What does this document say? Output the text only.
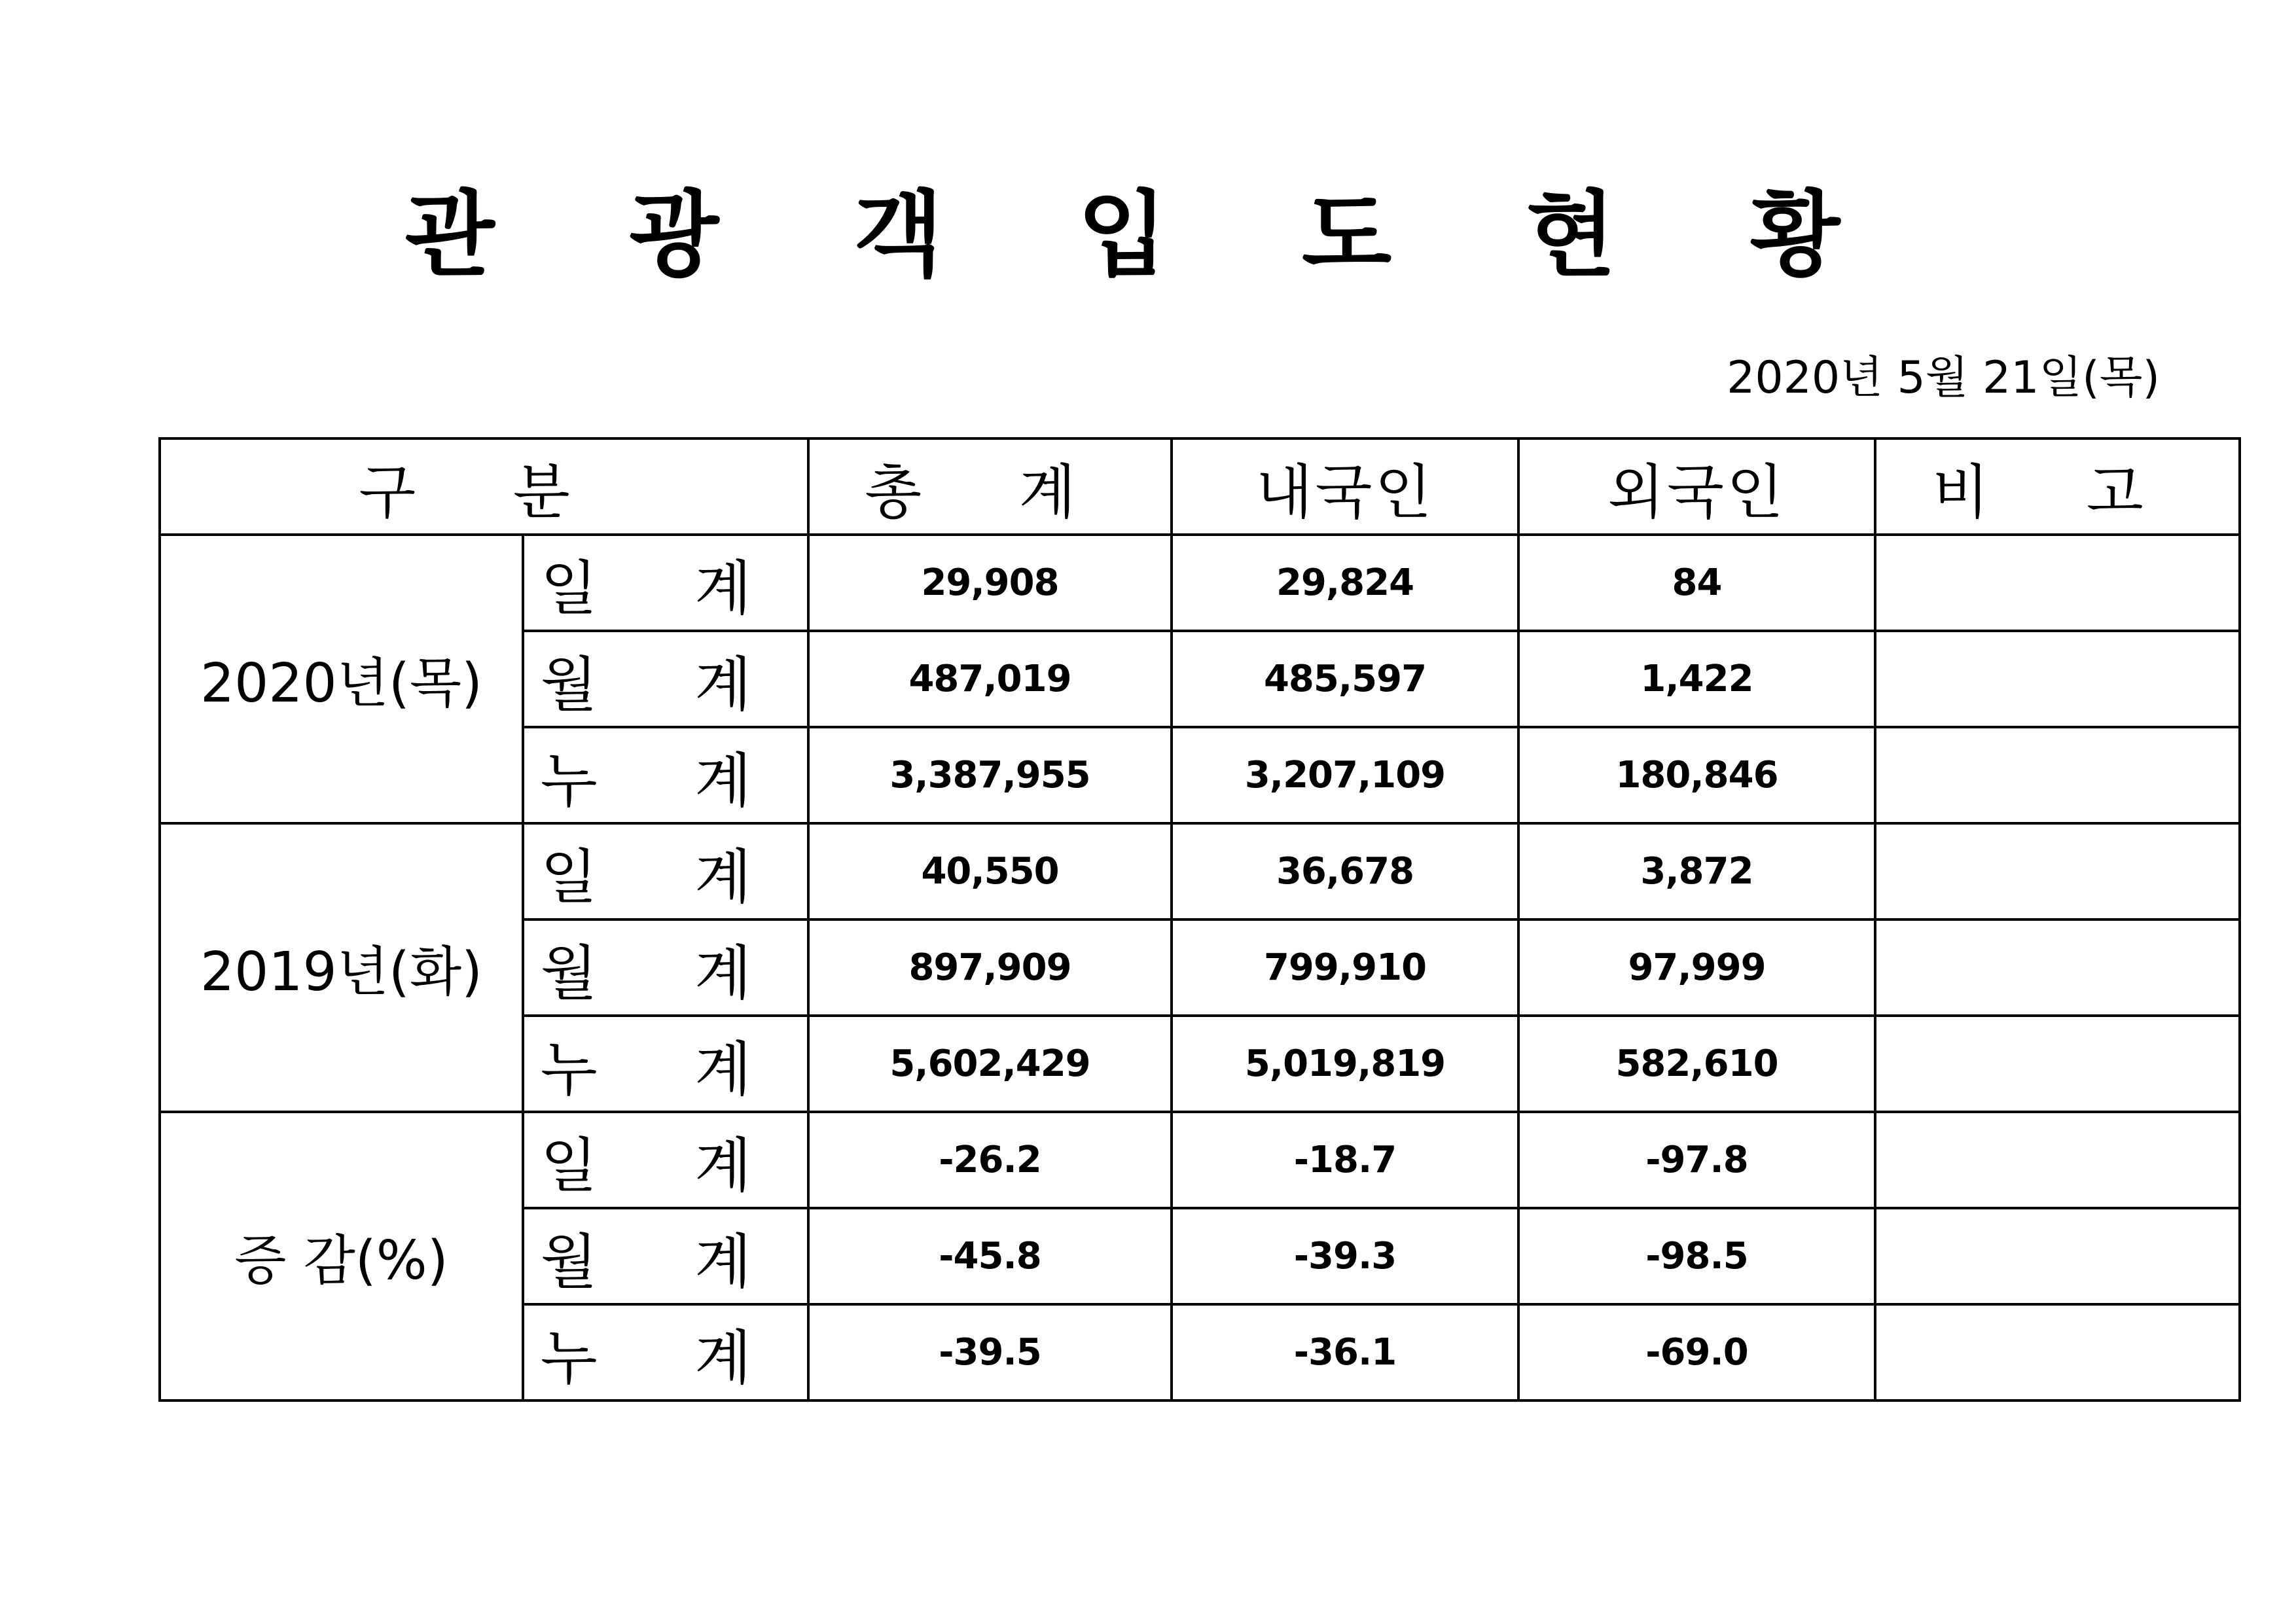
관 광 객 입 도 현 황
2020년 5월 21일(목)
구 분		총 계	내국인	외국인	비 고
2020년(목)	일 계	29,908	29,824	84	
	월 계	487,019	485,597	1,422	
	누 계	3,387,955	3,207,109	180,846	
2019년(화)	일 계	40,550	36,678	3,872	
	월 계	897,909	799,910	97,999	
	누 계	5,602,429	5,019,819	582,610	
증 감(%)	일 계	-26.2	-18.7	-97.8	
	월 계	-45.8	-39.3	-98.5	
	누 계	-39.5	-36.1	-69.0	
